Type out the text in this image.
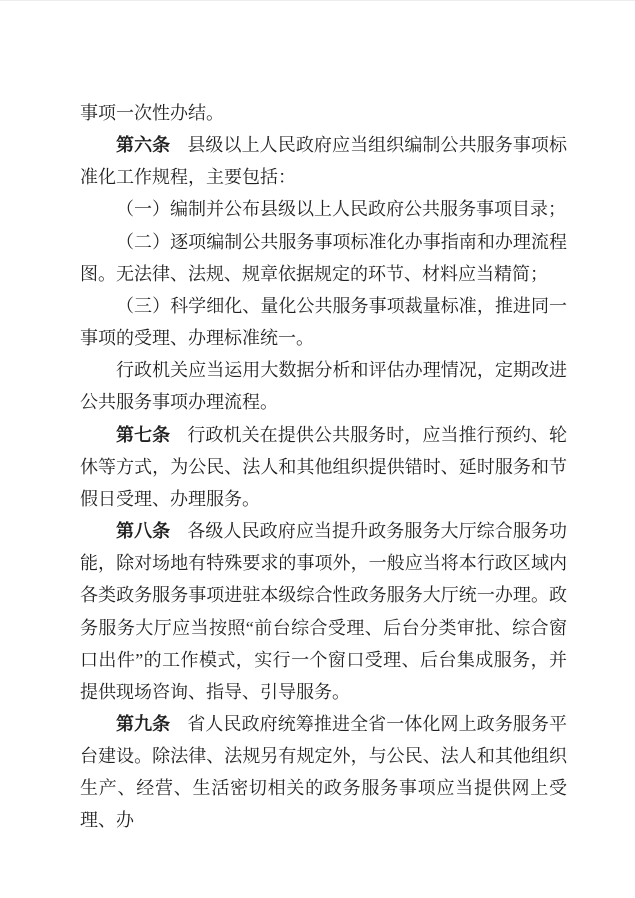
事项一次性办结。

第六条 县级以上人民政府应当组织编制公共服务事项标准化工作规程，主要包括：

（一）编制并公布县级以上人民政府公共服务事项目录；

（二）逐项编制公共服务事项标准化办事指南和办理流程图。无法律、法规、规章依据规定的环节、材料应当精简；

（三）科学细化、量化公共服务事项裁量标准，推进同一事项的受理、办理标准统一。

行政机关应当运用大数据分析和评估办理情况，定期改进公共服务事项办理流程。

第七条 行政机关在提供公共服务时，应当推行预约、轮休等方式，为公民、法人和其他组织提供错时、延时服务和节假日受理、办理服务。

第八条 各级人民政府应当提升政务服务大厅综合服务功能，除对场地有特殊要求的事项外，一般应当将本行政区域内各类政务服务事项进驻本级综合性政务服务大厅统一办理。政务服务大厅应当按照“前台综合受理、后台分类审批、综合窗口出件”的工作模式，实行一个窗口受理、后台集成服务，并提供现场咨询、指导、引导服务。

第九条 省人民政府统筹推进全省一体化网上政务服务平台建设。除法律、法规另有规定外，与公民、法人和其他组织生产、经营、生活密切相关的政务服务事项应当提供网上受理、办
